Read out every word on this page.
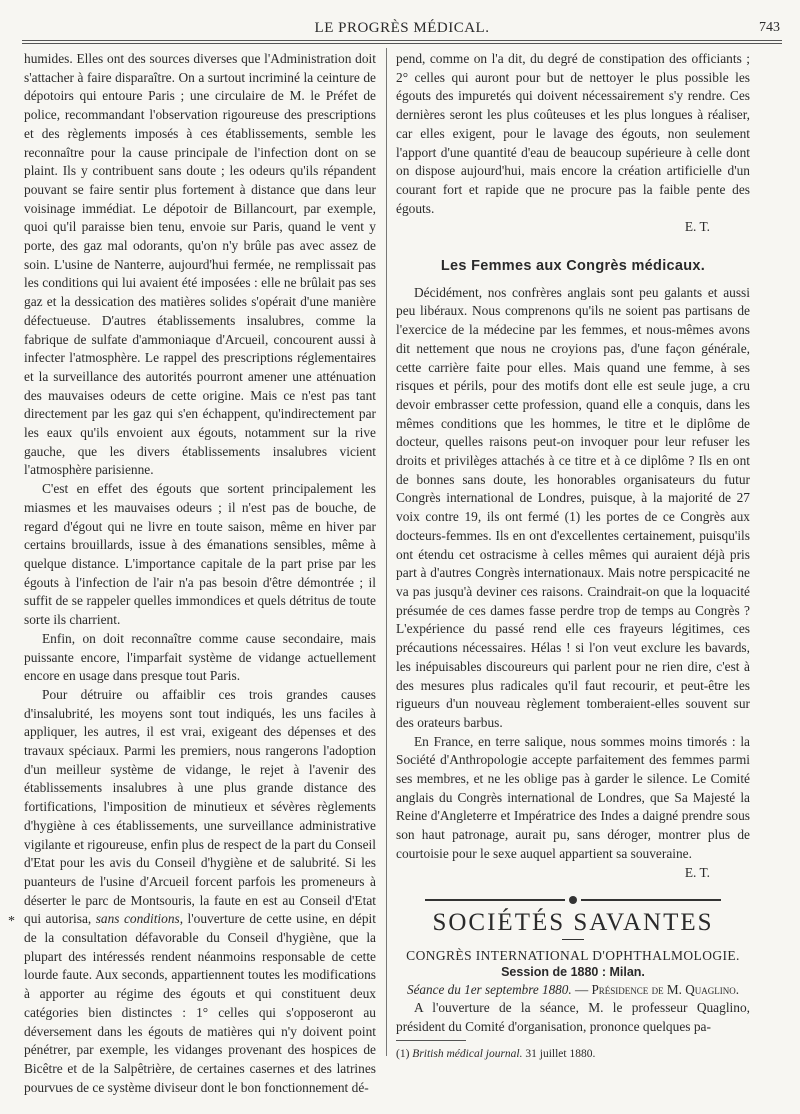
LE PROGRÈS MÉDICAL.	743
*

humides. Elles ont des sources diverses que l'Administration doit s'attacher à faire disparaître. On a surtout incriminé la ceinture de dépotoirs qui entoure Paris ; une circulaire de M. le Préfet de police, recommandant l'observation rigoureuse des prescriptions et des règlements imposés à ces établissements, semble les reconnaître pour la cause principale de l'infection dont on se plaint. Ils y contribuent sans doute ; les odeurs qu'ils répandent pouvant se faire sentir plus fortement à distance que dans leur voisinage immédiat. Le dépotoir de Billancourt, par exemple, quoi qu'il paraisse bien tenu, envoie sur Paris, quand le vent y porte, des gaz mal odorants, qu'on n'y brûle pas avec assez de soin. L'usine de Nanterre, aujourd'hui fermée, ne remplissait pas les conditions qui lui avaient été imposées : elle ne brûlait pas ses gaz et la dessication des matières solides s'opérait d'une manière défectueuse. D'autres établissements insalubres, comme la fabrique de sulfate d'ammoniaque d'Arcueil, concourent aussi à infecter l'atmosphère. Le rappel des prescriptions réglementaires et la surveillance des autorités pourront amener une atténuation des mauvaises odeurs de cette origine. Mais ce n'est pas tant directement par les gaz qui s'en échappent, qu'indirectement par les eaux qu'ils envoient aux égouts, notamment sur la rive gauche, que les divers établissements insalubres vicient l'atmosphère parisienne.

C'est en effet des égouts que sortent principalement les miasmes et les mauvaises odeurs ; il n'est pas de bouche, de regard d'égout qui ne livre en toute saison, même en hiver par certains brouillards, issue à des émanations sensibles, même à quelque distance. L'importance capitale de la part prise par les égouts à l'infection de l'air n'a pas besoin d'être démontrée ; il suffit de se rappeler quelles immondices et quels détritus de toute sorte ils charrient.

Enfin, on doit reconnaître comme cause secondaire, mais puissante encore, l'imparfait système de vidange actuellement encore en usage dans presque tout Paris.

Pour détruire ou affaiblir ces trois grandes causes d'insalubrité, les moyens sont tout indiqués, les uns faciles à appliquer, les autres, il est vrai, exigeant des dépenses et des travaux spéciaux. Parmi les premiers, nous rangerons l'adoption d'un meilleur système de vidange, le rejet à l'avenir des établissements insalubres à une plus grande distance des fortifications, l'imposition de minutieux et sévères règlements d'hygiène à ces établissements, une surveillance administrative vigilante et rigoureuse, enfin plus de respect de la part du Conseil d'Etat pour les avis du Conseil d'hygiène et de salubrité. Si les puanteurs de l'usine d'Arcueil forcent parfois les promeneurs à déserter le parc de Montsouris, la faute en est au Conseil d'Etat qui autorisa, sans conditions, l'ouverture de cette usine, en dépit de la consultation défavorable du Conseil d'hygiène, que la plupart des intéressés rendent néanmoins responsable de cette lourde faute. Aux seconds, appartiennent toutes les modifications à apporter au régime des égouts et qui constituent deux catégories bien distinctes : 1° celles qui s'opposeront au déversement dans les égouts de matières qui n'y doivent point pénétrer, par exemple, les vidanges provenant des hospices de Bicêtre et de la Salpêtrière, de certaines casernes et des latrines pourvues de ce système diviseur dont le bon fonctionnement dé-

pend, comme on l'a dit, du degré de constipation des officiants ; 2° celles qui auront pour but de nettoyer le plus possible les égouts des impuretés qui doivent nécessairement s'y rendre. Ces dernières seront les plus coûteuses et les plus longues à réaliser, car elles exigent, pour le lavage des égouts, non seulement l'apport d'une quantité d'eau de beaucoup supérieure à celle dont on dispose aujourd'hui, mais encore la création artificielle d'un courant fort et rapide que ne procure pas la faible pente des égouts.

E. T.

Les Femmes aux Congrès médicaux.

Décidément, nos confrères anglais sont peu galants et aussi peu libéraux. Nous comprenons qu'ils ne soient pas partisans de l'exercice de la médecine par les femmes, et nous-mêmes avons dit nettement que nous ne croyions pas, d'une façon générale, cette carrière faite pour elles. Mais quand une femme, à ses risques et périls, pour des motifs dont elle est seule juge, a cru devoir embrasser cette profession, quand elle a conquis, dans les mêmes conditions que les hommes, le titre et le diplôme de docteur, quelles raisons peut-on invoquer pour leur refuser les droits et privilèges attachés à ce titre et à ce diplôme ? Ils en ont de bonnes sans doute, les honorables organisateurs du futur Congrès international de Londres, puisque, à la majorité de 27 voix contre 19, ils ont fermé (1) les portes de ce Congrès aux docteurs-femmes. Ils en ont d'excellentes certainement, puisqu'ils ont étendu cet ostracisme à celles mêmes qui auraient déjà pris part à d'autres Congrès internationaux. Mais notre perspicacité ne va pas jusqu'à deviner ces raisons. Craindrait-on que la loquacité présumée de ces dames fasse perdre trop de temps au Congrès ? L'expérience du passé rend elle ces frayeurs légitimes, ces précautions nécessaires. Hélas ! si l'on veut exclure les bavards, les inépuisables discoureurs qui parlent pour ne rien dire, c'est à des mesures plus radicales qu'il faut recourir, et peut-être les rigueurs d'un nouveau règlement tomberaient-elles souvent sur des orateurs barbus.

En France, en terre salique, nous sommes moins timorés : la Société d'Anthropologie accepte parfaitement des femmes parmi ses membres, et ne les oblige pas à garder le silence. Le Comité anglais du Congrès international de Londres, que Sa Majesté la Reine d'Angleterre et Impératrice des Indes a daigné prendre sous son haut patronage, aurait pu, sans déroger, montrer plus de courtoisie pour le sexe auquel appartient sa souveraine.

E. T.

SOCIÉTÉS SAVANTES
CONGRÈS INTERNATIONAL D'OPHTHALMOLOGIE.
Session de 1880 : Milan.
Séance du 1er septembre 1880. — Présidence de M. Quaglino.

A l'ouverture de la séance, M. le professeur Quaglino, président du Comité d'organisation, prononce quelques pa-

(1) British médical journal. 31 juillet 1880.
